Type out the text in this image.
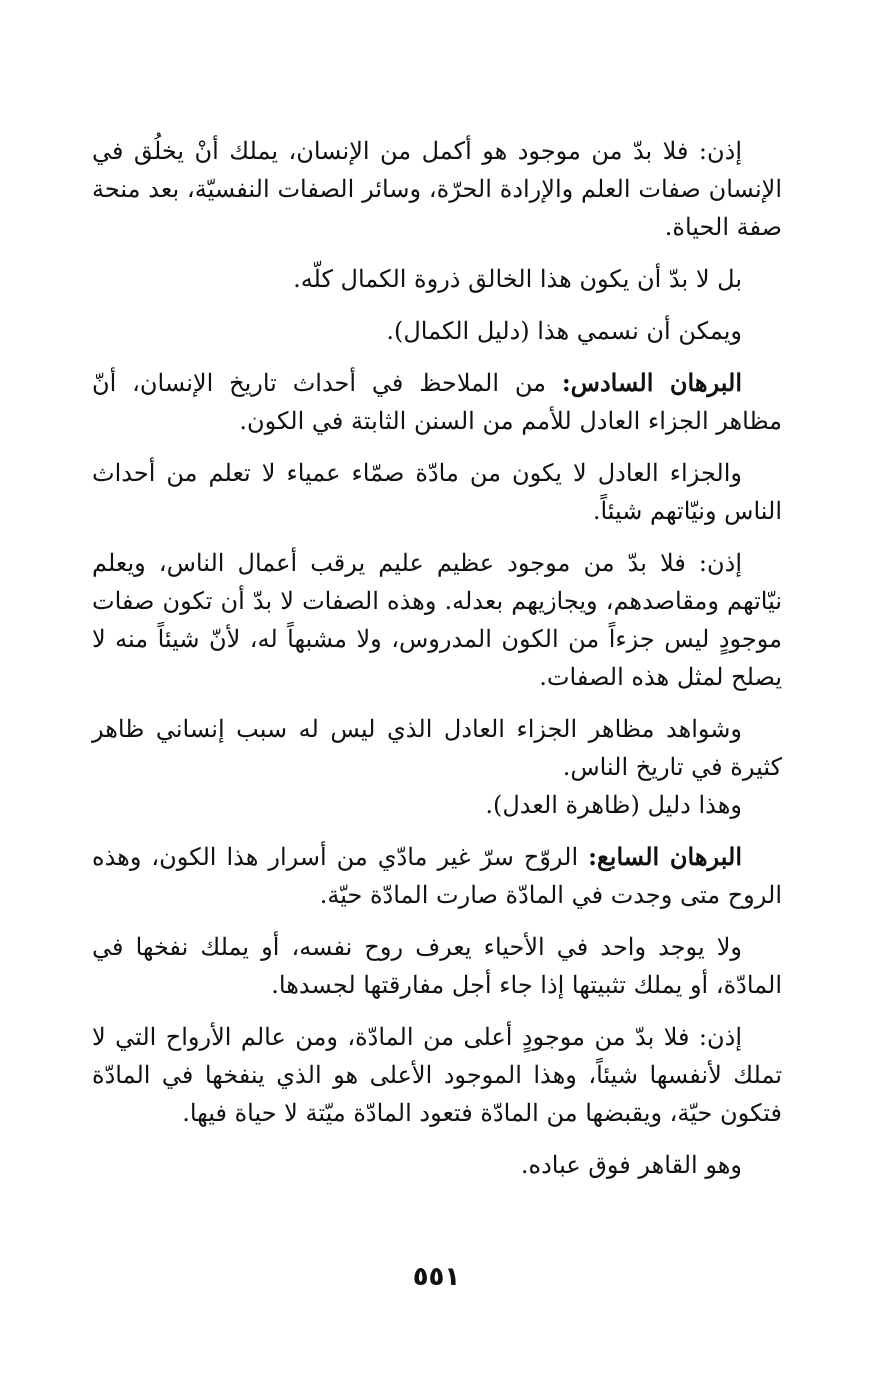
إذن: فلا بدّ من موجود هو أكمل من الإنسان، يملك أنْ يخلُق في الإنسان صفات العلم والإرادة الحرّة، وسائر الصفات النفسيّة، بعد منحة صفة الحياة.

بل لا بدّ أن يكون هذا الخالق ذروة الكمال كلّه.

ويمكن أن نسمي هذا (دليل الكمال).

البرهان السادس: من الملاحظ في أحداث تاريخ الإنسان، أنّ مظاهر الجزاء العادل للأمم من السنن الثابتة في الكون.

والجزاء العادل لا يكون من مادّة صمّاء عمياء لا تعلم من أحداث الناس ونيّاتهم شيئاً.

إذن: فلا بدّ من موجود عظيم عليم يرقب أعمال الناس، ويعلم نيّاتهم ومقاصدهم، ويجازيهم بعدله. وهذه الصفات لا بدّ أن تكون صفات موجودٍ ليس جزءاً من الكون المدروس، ولا مشبهاً له، لأنّ شيئاً منه لا يصلح لمثل هذه الصفات.

وشواهد مظاهر الجزاء العادل الذي ليس له سبب إنساني ظاهر كثيرة في تاريخ الناس.

وهذا دليل (ظاهرة العدل).

البرهان السابع: الروّح سرّ غير مادّي من أسرار هذا الكون، وهذه الروح متى وجدت في المادّة صارت المادّة حيّة.

ولا يوجد واحد في الأحياء يعرف روح نفسه، أو يملك نفخها في المادّة، أو يملك تثبيتها إذا جاء أجل مفارقتها لجسدها.

إذن: فلا بدّ من موجودٍ أعلى من المادّة، ومن عالم الأرواح التي لا تملك لأنفسها شيئاً، وهذا الموجود الأعلى هو الذي ينفخها في المادّة فتكون حيّة، ويقبضها من المادّة فتعود المادّة ميّتة لا حياة فيها.

وهو القاهر فوق عباده.

٥٥١
